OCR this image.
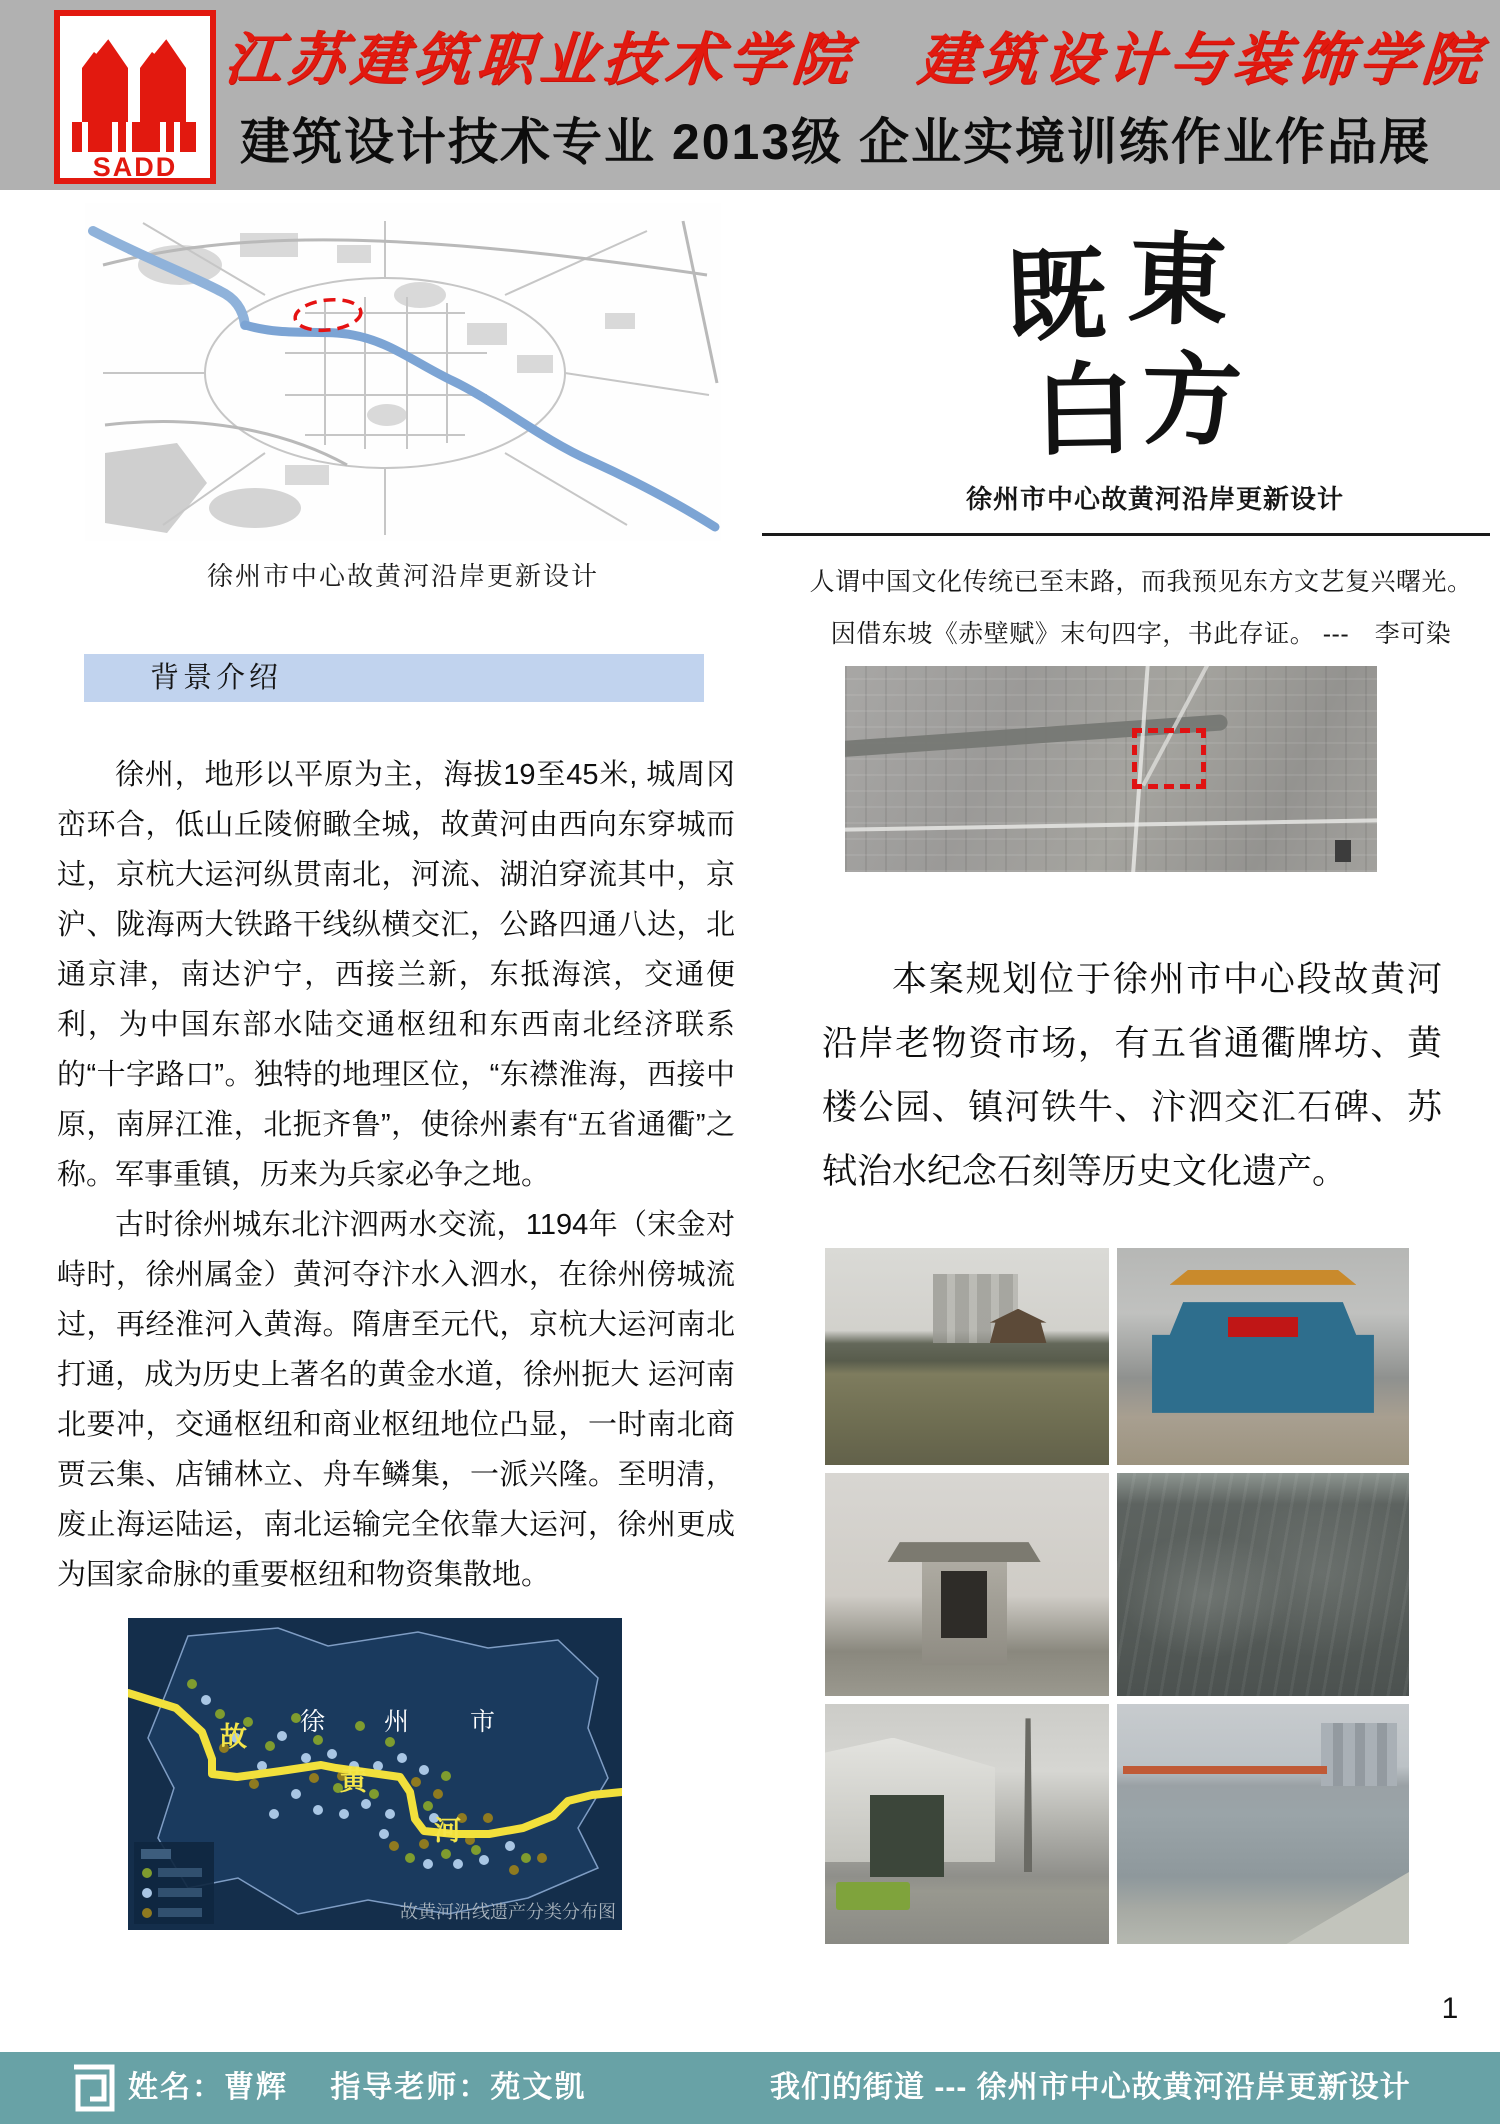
SADD
江苏建筑职业技术学院　建筑设计与装饰学院
建筑设计技术专业 2013级 企业实境训练作业作品展
徐州市中心故黄河沿岸更新设计
既 東
白 方
徐州市中心故黄河沿岸更新设计
人谓中国文化传统已至末路，而我预见东方文艺复兴曙光。
因借东坡《赤壁赋》末句四字，书此存证。 ---　李可染
背景介绍

徐州，地形以平原为主，海拔19至45米, 城周冈峦环合，低山丘陵俯瞰全城，故黄河由西向东穿城而过，京杭大运河纵贯南北，河流、湖泊穿流其中，京沪、陇海两大铁路干线纵横交汇，公路四通八达，北通京津，南达沪宁，西接兰新，东抵海滨，交通便利，为中国东部水陆交通枢纽和东西南北经济联系的“十字路口”。独特的地理区位，“东襟淮海，西接中原，南屏江淮，北扼齐鲁”，使徐州素有“五省通衢”之称。军事重镇，历来为兵家必争之地。

古时徐州城东北汴泗两水交流，1194年（宋金对峙时，徐州属金）黄河夺汴水入泗水，在徐州傍城流过，再经淮河入黄海。隋唐至元代，京杭大运河南北打通，成为历史上著名的黄金水道，徐州扼大 运河南北要冲，交通枢纽和商业枢纽地位凸显，一时南北商贾云集、店铺林立、舟车鳞集，一派兴隆。至明清，废止海运陆运，南北运输完全依靠大运河，徐州更成 为国家命脉的重要枢纽和物资集散地。

本案规划位于徐州市中心段故黄河沿岸老物资市场，有五省通衢牌坊、黄楼公园、镇河铁牛、汴泗交汇石碑、苏轼治水纪念石刻等历史文化遗产。

故
黄
河
徐 州 市
故黄河沿线遗产分类分布图
1
姓名：曹辉　 指导老师：苑文凯	我们的街道 --- 徐州市中心故黄河沿岸更新设计
